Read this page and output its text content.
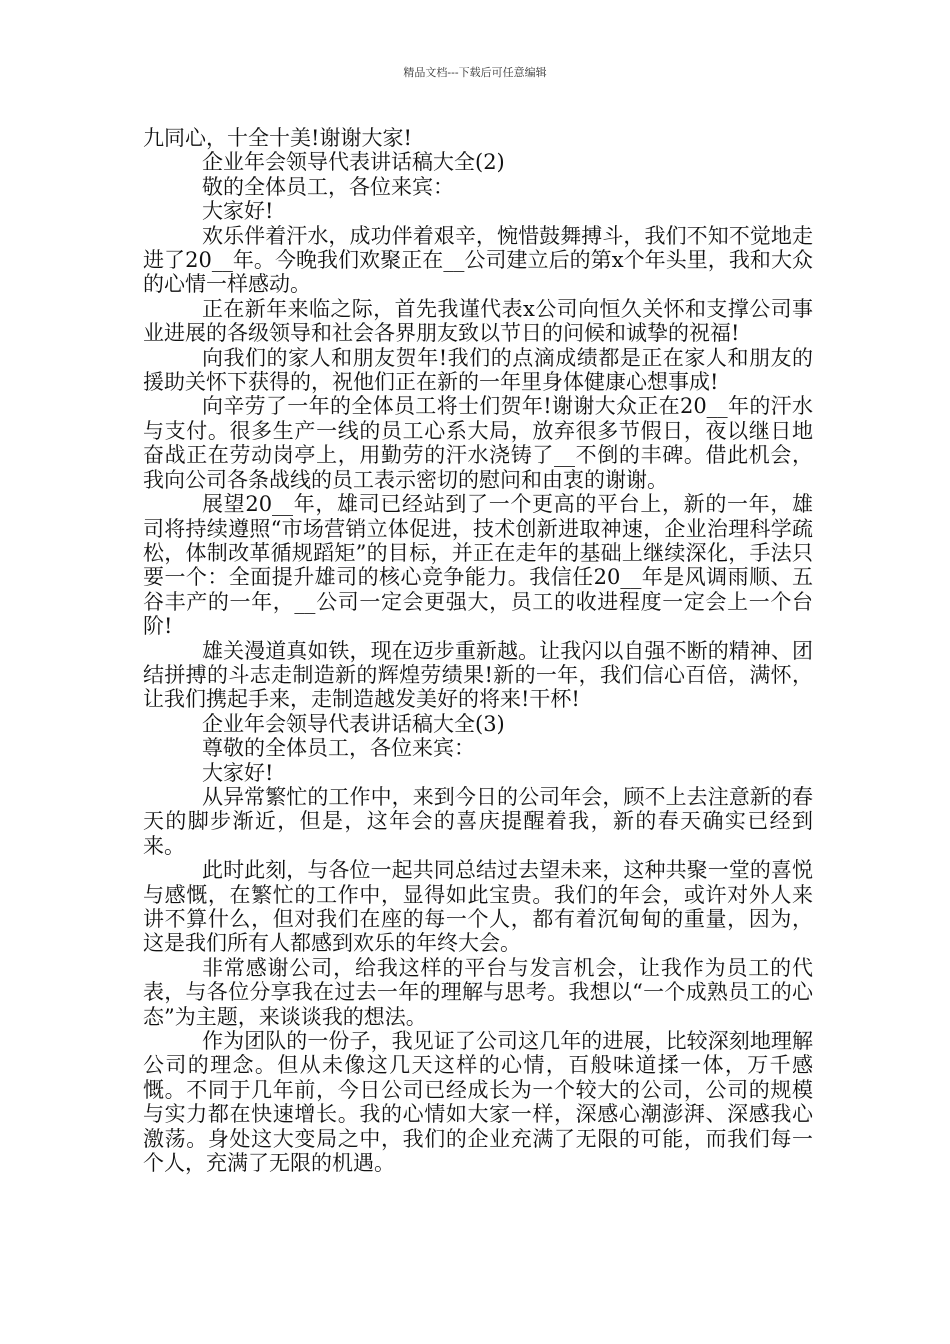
精品文档---下载后可任意编辑

九同心，十全十美!谢谢大家!

企业年会领导代表讲话稿大全(2)

敬的全体员工，各位来宾：

大家好!

欢乐伴着汗水，成功伴着艰辛，惋惜鼓舞搏斗，我们不知不觉地走进了20__年。今晚我们欢聚正在__公司建立后的第x个年头里，我和大众的心情一样感动。

正在新年来临之际，首先我谨代表x公司向恒久关怀和支撑公司事业进展的各级领导和社会各界朋友致以节日的问候和诚挚的祝福!

向我们的家人和朋友贺年!我们的点滴成绩都是正在家人和朋友的援助关怀下获得的，祝他们正在新的一年里身体健康心想事成!

向辛劳了一年的全体员工将士们贺年!谢谢大众正在20__年的汗水与支付。很多生产一线的员工心系大局，放弃很多节假日，夜以继日地奋战正在劳动岗亭上，用勤劳的汗水浇铸了__不倒的丰碑。借此机会，我向公司各条战线的员工表示密切的慰问和由衷的谢谢。

展望20__年，雄司已经站到了一个更高的平台上，新的一年，雄司将持续遵照“市场营销立体促进，技术创新进取神速，企业治理科学疏松，体制改革循规蹈矩”的目标，并正在走年的基础上继续深化，手法只要一个：全面提升雄司的核心竞争能力。我信任20__年是风调雨顺、五谷丰产的一年，__公司一定会更强大，员工的收进程度一定会上一个台阶!

雄关漫道真如铁，现在迈步重新越。让我闪以自强不断的精神、团结拼搏的斗志走制造新的辉煌劳绩果!新的一年，我们信心百倍，满怀，让我们携起手来，走制造越发美好的将来!干杯!

企业年会领导代表讲话稿大全(3)

尊敬的全体员工，各位来宾：

大家好!

从异常繁忙的工作中，来到今日的公司年会，顾不上去注意新的春天的脚步渐近，但是，这年会的喜庆提醒着我，新的春天确实已经到来。

此时此刻，与各位一起共同总结过去望未来，这种共聚一堂的喜悦与感慨，在繁忙的工作中，显得如此宝贵。我们的年会，或许对外人来讲不算什么，但对我们在座的每一个人，都有着沉甸甸的重量，因为，这是我们所有人都感到欢乐的年终大会。

非常感谢公司，给我这样的平台与发言机会，让我作为员工的代表，与各位分享我在过去一年的理解与思考。我想以“一个成熟员工的心态”为主题，来谈谈我的想法。

作为团队的一份子，我见证了公司这几年的进展，比较深刻地理解公司的理念。但从未像这几天这样的心情，百般味道揉一体，万千感慨。不同于几年前，今日公司已经成长为一个较大的公司，公司的规模与实力都在快速增长。我的心情如大家一样，深感心潮澎湃、深感我心激荡。身处这大变局之中，我们的企业充满了无限的可能，而我们每一个人，充满了无限的机遇。
